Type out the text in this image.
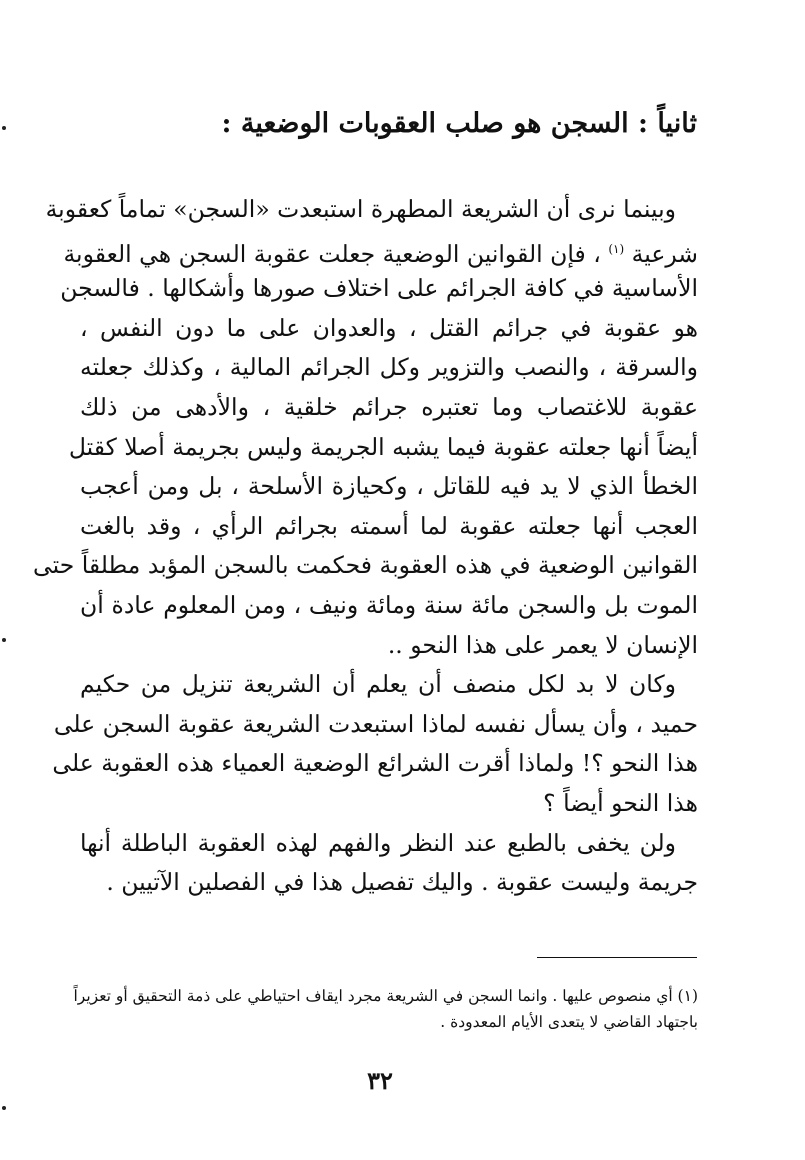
ثانياً : السجن هو صلب العقوبات الوضعية :
وبينما نرى أن الشريعة المطهرة استبعدت «السجن» تماماً كعقوبة
شرعية $^{(١)}$ ، فإن القوانين الوضعية جعلت عقوبة السجن هي العقوبة
الأساسية في كافة الجرائم على اختلاف صورها وأشكالها . فالسجن
هو عقوبة في جرائم القتل ، والعدوان على ما دون النفس ،
والسرقة ، والنصب والتزوير وكل الجرائم المالية ، وكذلك جعلته
عقوبة للاغتصاب وما تعتبره جرائم خلقية ، والأدهى من ذلك
أيضاً أنها جعلته عقوبة فيما يشبه الجريمة وليس بجريمة أصلا كقتل
الخطأ الذي لا يد فيه للقاتل ، وكحيازة الأسلحة ، بل ومن أعجب
العجب أنها جعلته عقوبة لما أسمته بجرائم الرأي ، وقد بالغت
القوانين الوضعية في هذه العقوبة فحكمت بالسجن المؤبد مطلقاً حتى
الموت بل والسجن مائة سنة ومائة ونيف ، ومن المعلوم عادة أن
الإنسان لا يعمر على هذا النحو ..
وكان لا بد لكل منصف أن يعلم أن الشريعة تنزيل من حكيم
حميد ، وأن يسأل نفسه لماذا استبعدت الشريعة عقوبة السجن على
هذا النحو ؟! ولماذا أقرت الشرائع الوضعية العمياء هذه العقوبة على
هذا النحو أيضاً ؟
ولن يخفى بالطبع عند النظر والفهم لهذه العقوبة الباطلة أنها
جريمة وليست عقوبة . واليك تفصيل هذا في الفصلين الآتيين .
(١) أي منصوص عليها . وانما السجن في الشريعة مجرد ايقاف احتياطي على ذمة التحقيق أو تعزيراً
باجتهاد القاضي لا يتعدى الأيام المعدودة .
٣٢
